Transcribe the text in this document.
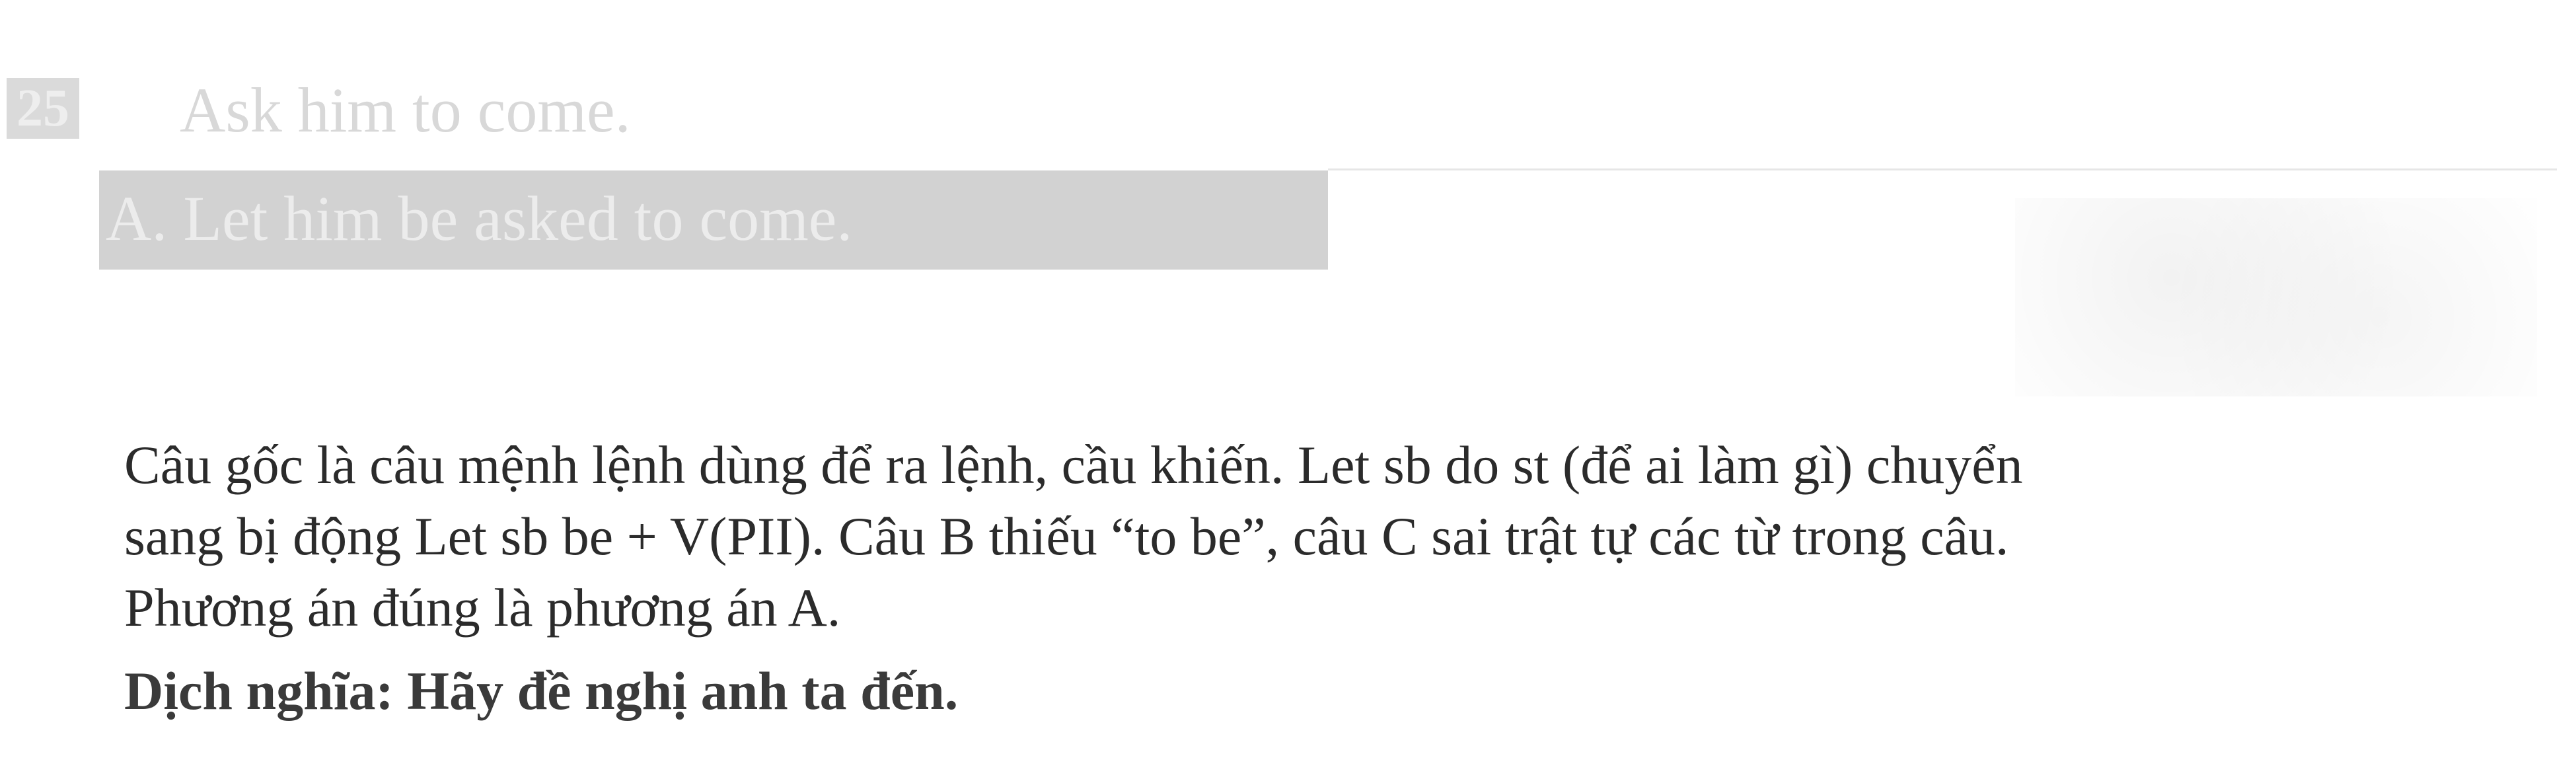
25 Ask him to come.
A. Let him be asked to come.
Câu gốc là câu mệnh lệnh dùng để ra lệnh, cầu khiến. Let sb do st (để ai làm gì) chuyển
sang bị động Let sb be + V(PII). Câu B thiếu “to be”, câu C sai trật tự các từ trong câu.
Phương án đúng là phương án A.
Dịch nghĩa: Hãy đề nghị anh ta đến.
